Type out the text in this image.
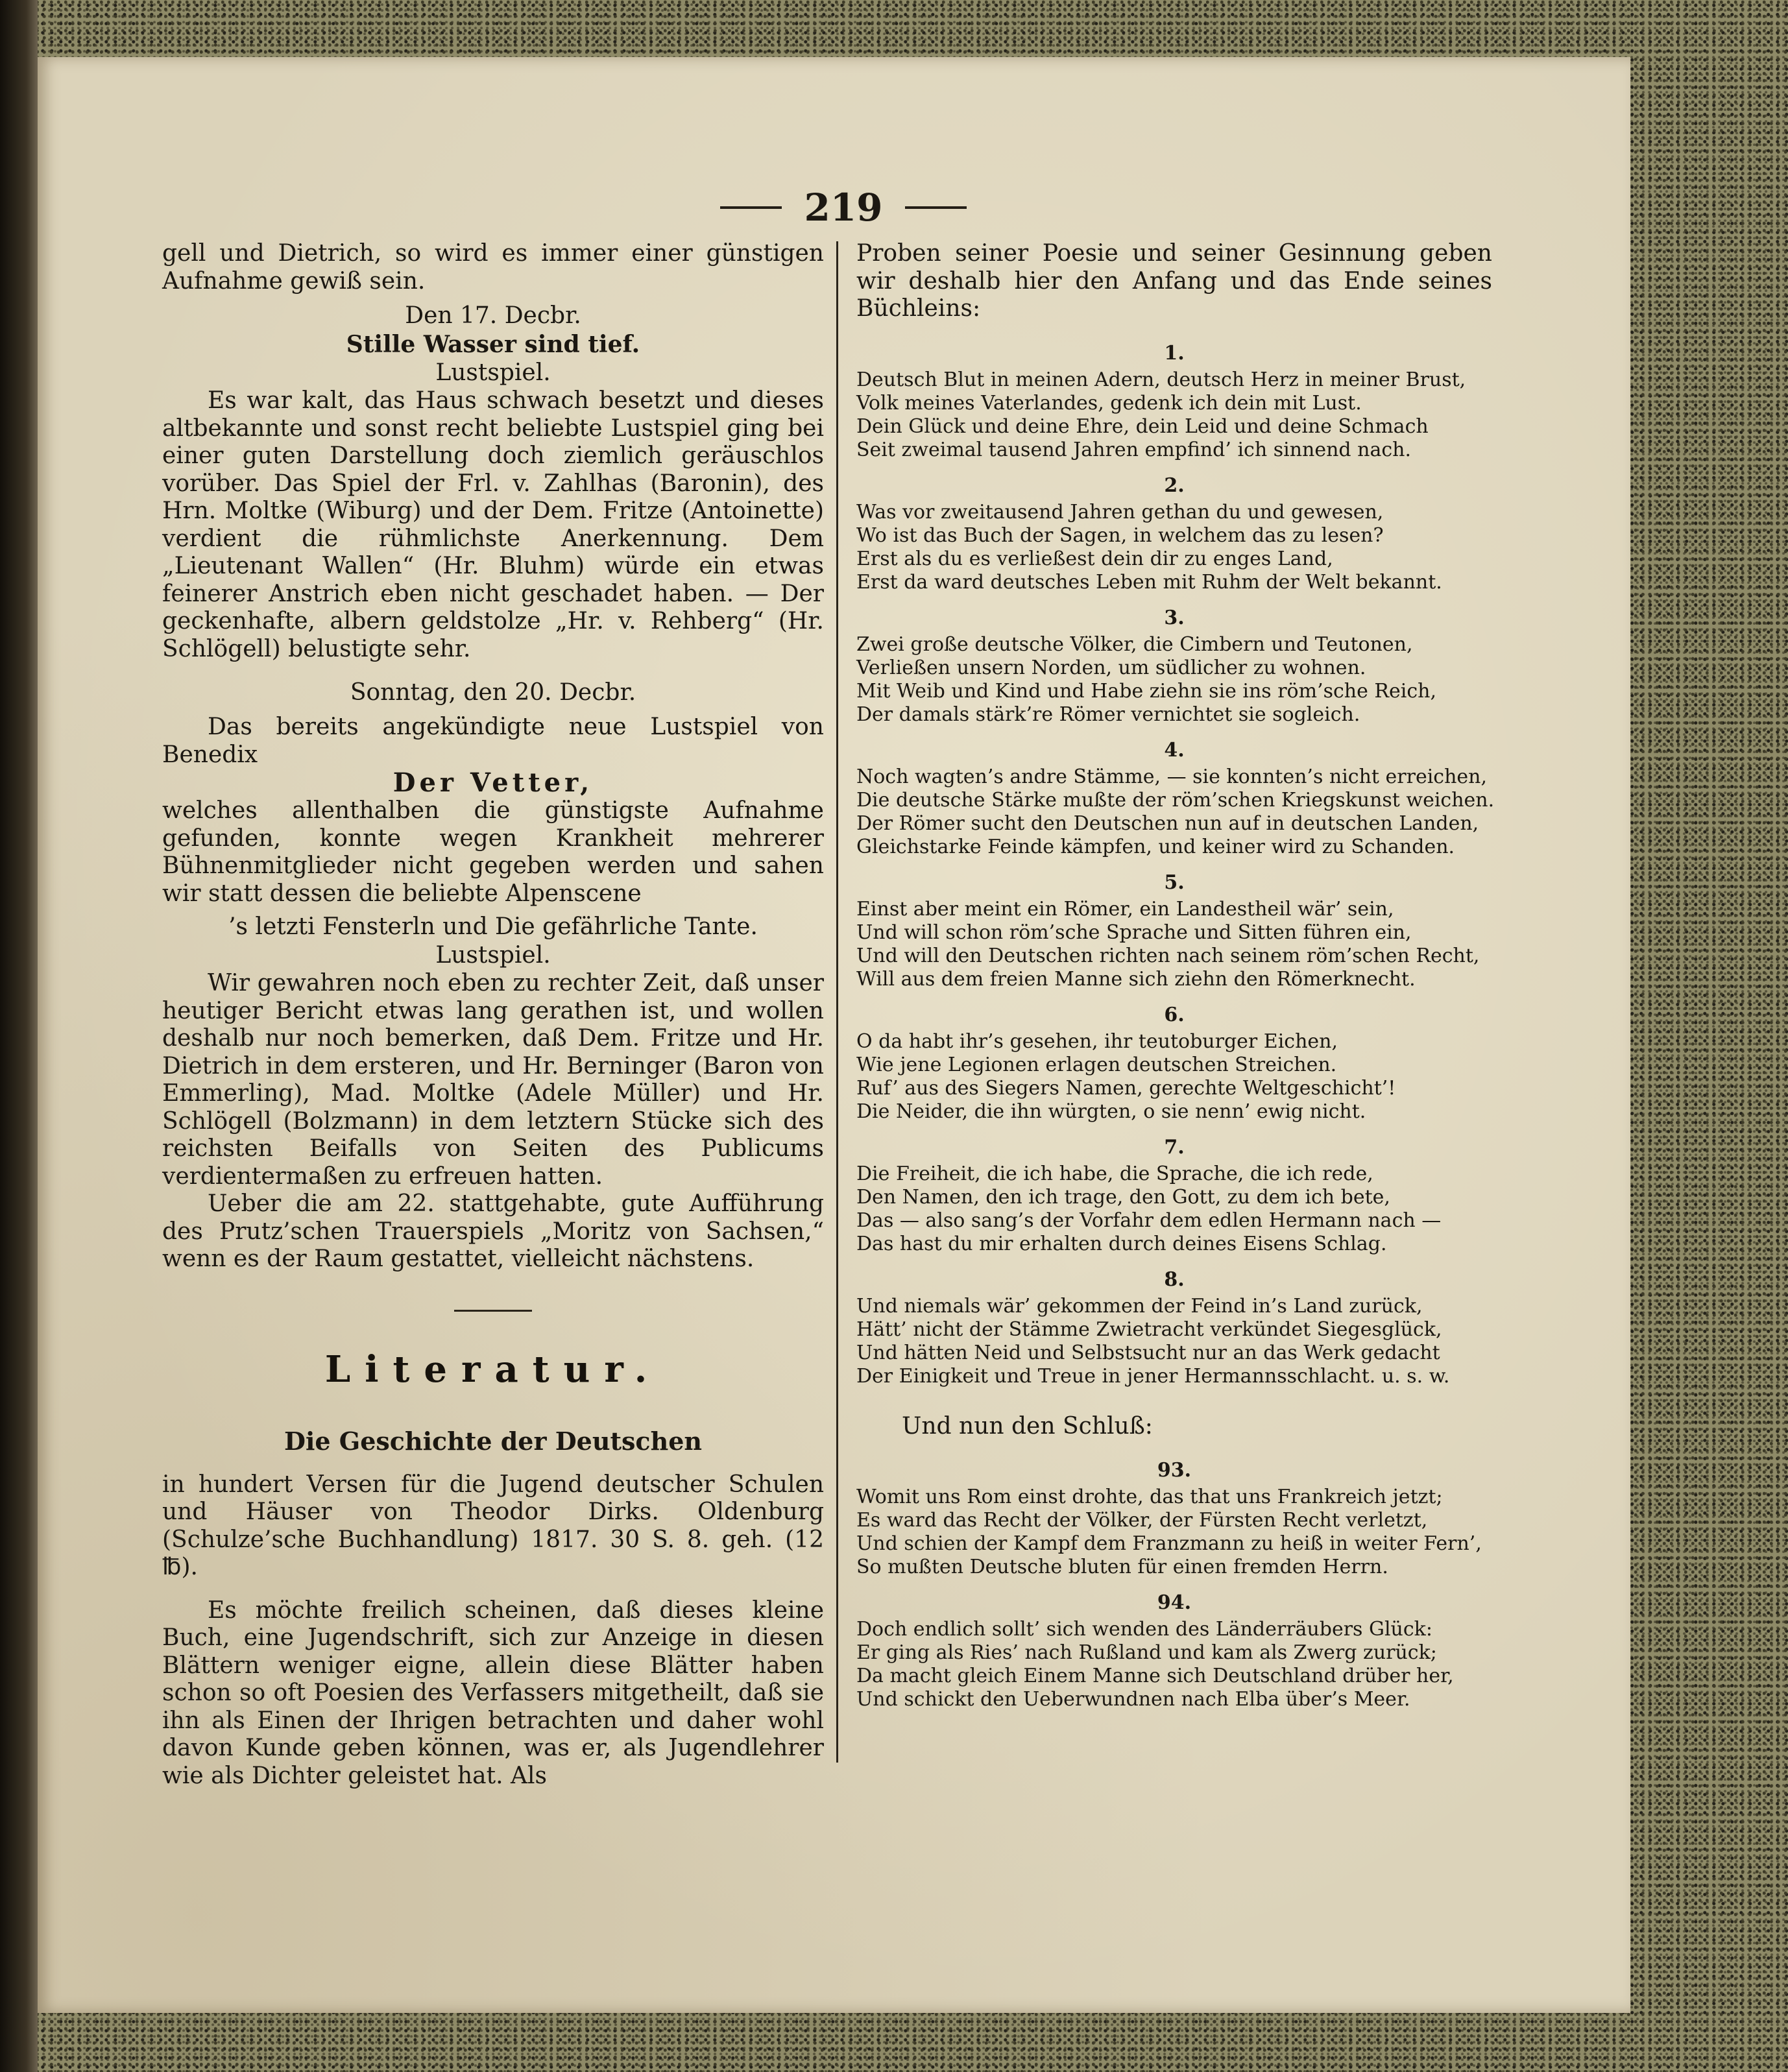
219

gell und Dietrich, so wird es immer einer günstigen Aufnahme gewiß sein.

Den 17. Decbr.

Stille Wasser sind tief.

Lustspiel.

Es war kalt, das Haus schwach besetzt und dieses altbekannte und sonst recht beliebte Lustspiel ging bei einer guten Darstellung doch ziemlich geräuschlos vorüber. Das Spiel der Frl. v. Zahlhas (Baronin), des Hrn. Moltke (Wiburg) und der Dem. Fritze (Antoinette) verdient die rühmlichste Anerkennung. Dem „Lieutenant Wallen“ (Hr. Bluhm) würde ein etwas feinerer Anstrich eben nicht geschadet haben. — Der geckenhafte, albern geldstolze „Hr. v. Rehberg“ (Hr. Schlögell) belustigte sehr.

Sonntag, den 20. Decbr.

Das bereits angekündigte neue Lustspiel von Benedix

Der Vetter,

welches allenthalben die günstigste Aufnahme gefunden, konnte wegen Krankheit mehrerer Bühnenmitglieder nicht gegeben werden und sahen wir statt dessen die beliebte Alpenscene

’s letzti Fensterln und Die gefährliche Tante.

Lustspiel.

Wir gewahren noch eben zu rechter Zeit, daß unser heutiger Bericht etwas lang gerathen ist, und wollen deshalb nur noch bemerken, daß Dem. Fritze und Hr. Dietrich in dem ersteren, und Hr. Berninger (Baron von Emmerling), Mad. Moltke (Adele Müller) und Hr. Schlögell (Bolzmann) in dem letztern Stücke sich des reichsten Beifalls von Seiten des Publicums verdientermaßen zu erfreuen hatten.

Ueber die am 22. stattgehabte, gute Aufführung des Prutz’schen Trauerspiels „Moritz von Sachsen,“ wenn es der Raum gestattet, vielleicht nächstens.

Literatur.

Die Geschichte der Deutschen

in hundert Versen für die Jugend deutscher Schulen und Häuser von Theodor Dirks. Oldenburg (Schulze’sche Buchhandlung) 1817. 30 S. 8. geh. (12 ℔).

Es möchte freilich scheinen, daß dieses kleine Buch, eine Jugendschrift, sich zur Anzeige in diesen Blättern weniger eigne, allein diese Blätter haben schon so oft Poesien des Verfassers mitgetheilt, daß sie ihn als Einen der Ihrigen betrachten und daher wohl davon Kunde geben können, was er, als Jugendlehrer wie als Dichter geleistet hat. Als

Proben seiner Poesie und seiner Gesinnung geben wir deshalb hier den Anfang und das Ende seines Büchleins:

1.

Deutsch Blut in meinen Adern, deutsch Herz in meiner Brust,

Volk meines Vaterlandes, gedenk ich dein mit Lust.

Dein Glück und deine Ehre, dein Leid und deine Schmach

Seit zweimal tausend Jahren empfind’ ich sinnend nach.

2.

Was vor zweitausend Jahren gethan du und gewesen,

Wo ist das Buch der Sagen, in welchem das zu lesen?

Erst als du es verließest dein dir zu enges Land,

Erst da ward deutsches Leben mit Ruhm der Welt bekannt.

3.

Zwei große deutsche Völker, die Cimbern und Teutonen,

Verließen unsern Norden, um südlicher zu wohnen.

Mit Weib und Kind und Habe ziehn sie ins röm’sche Reich,

Der damals stärk’re Römer vernichtet sie sogleich.

4.

Noch wagten’s andre Stämme, — sie konnten’s nicht erreichen,

Die deutsche Stärke mußte der röm’schen Kriegskunst weichen.

Der Römer sucht den Deutschen nun auf in deutschen Landen,

Gleichstarke Feinde kämpfen, und keiner wird zu Schanden.

5.

Einst aber meint ein Römer, ein Landestheil wär’ sein,

Und will schon röm’sche Sprache und Sitten führen ein,

Und will den Deutschen richten nach seinem röm’schen Recht,

Will aus dem freien Manne sich ziehn den Römerknecht.

6.

O da habt ihr’s gesehen, ihr teutoburger Eichen,

Wie jene Legionen erlagen deutschen Streichen.

Ruf’ aus des Siegers Namen, gerechte Weltgeschicht’!

Die Neider, die ihn würgten, o sie nenn’ ewig nicht.

7.

Die Freiheit, die ich habe, die Sprache, die ich rede,

Den Namen, den ich trage, den Gott, zu dem ich bete,

Das — also sang’s der Vorfahr dem edlen Hermann nach —

Das hast du mir erhalten durch deines Eisens Schlag.

8.

Und niemals wär’ gekommen der Feind in’s Land zurück,

Hätt’ nicht der Stämme Zwietracht verkündet Siegesglück,

Und hätten Neid und Selbstsucht nur an das Werk gedacht

Der Einigkeit und Treue in jener Hermannsschlacht. u. s. w.

Und nun den Schluß:

93.

Womit uns Rom einst drohte, das that uns Frankreich jetzt;

Es ward das Recht der Völker, der Fürsten Recht verletzt,

Und schien der Kampf dem Franzmann zu heiß in weiter Fern’,

So mußten Deutsche bluten für einen fremden Herrn.

94.

Doch endlich sollt’ sich wenden des Länderräubers Glück:

Er ging als Ries’ nach Rußland und kam als Zwerg zurück;

Da macht gleich Einem Manne sich Deutschland drüber her,

Und schickt den Ueberwundnen nach Elba über’s Meer.
